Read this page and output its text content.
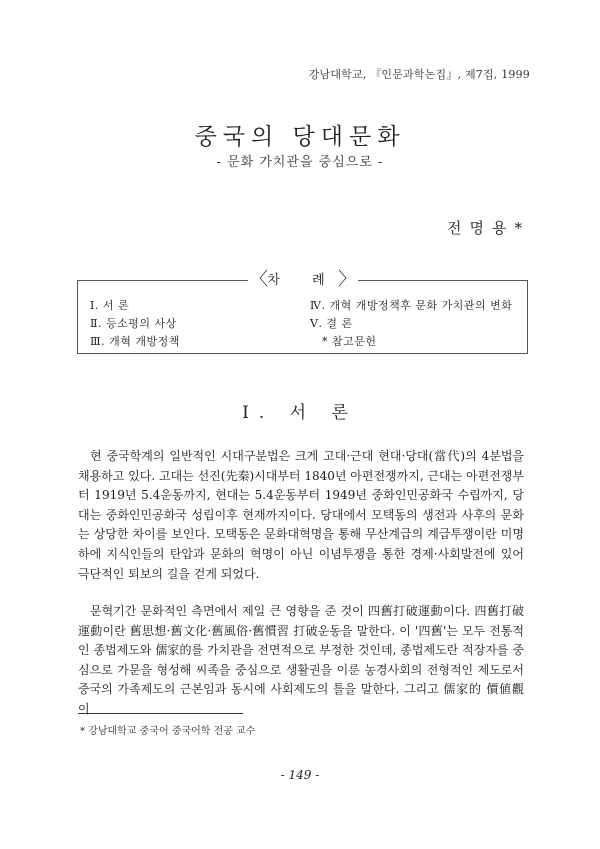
강남대학교, 『인문과학논집』, 제7집, 1999
중국의 당대문화
- 문화 가치관을 중심으로 -
전명용*
〈 차 례 〉
Ⅰ. 서 론
Ⅱ. 등소평의 사상
Ⅲ. 개혁 개방정책
Ⅳ. 개혁 개방정책후 문화 가치관의 변화
Ⅴ. 결 론
* 참고문헌
Ⅰ. 서 론

현 중국학계의 일반적인 시대구분법은 크게 고대·근대 현대·당대(當代)의 4분법을 채용하고 있다. 고대는 선진(先秦)시대부터 1840년 아편전쟁까지, 근대는 아편전쟁부터 1919년 5.4운동까지, 현대는 5.4운동부터 1949년 중화인민공화국 수립까지, 당대는 중화인민공화국 성립이후 현재까지이다. 당대에서 모택동의 생전과 사후의 문화는 상당한 차이를 보인다. 모택동은 문화대혁명을 통해 무산계급의 계급투쟁이란 미명하에 지식인들의 탄압과 문화의 혁명이 아닌 이념투쟁을 통한 경제·사회발전에 있어 극단적인 퇴보의 길을 걷게 되었다.

문혁기간 문화적인 측면에서 제일 큰 영향을 준 것이 四舊打破運動이다. 四舊打破運動이란 舊思想·舊文化·舊風俗·舊慣習 打破운동을 말한다. 이 '四舊'는 모두 전통적인 종법제도와 儒家的를 가치관을 전면적으로 부정한 것인데, 종법제도란 적장자를 중심으로 가문을 형성해 씨족을 중심으로 생활권을 이룬 농경사회의 전형적인 제도로서 중국의 가족제도의 근본임과 동시에 사회제도의 틀을 말한다. 그리고 儒家的 價値觀이

* 강남대학교 중국어 중국어학 전공 교수
- 149 -
